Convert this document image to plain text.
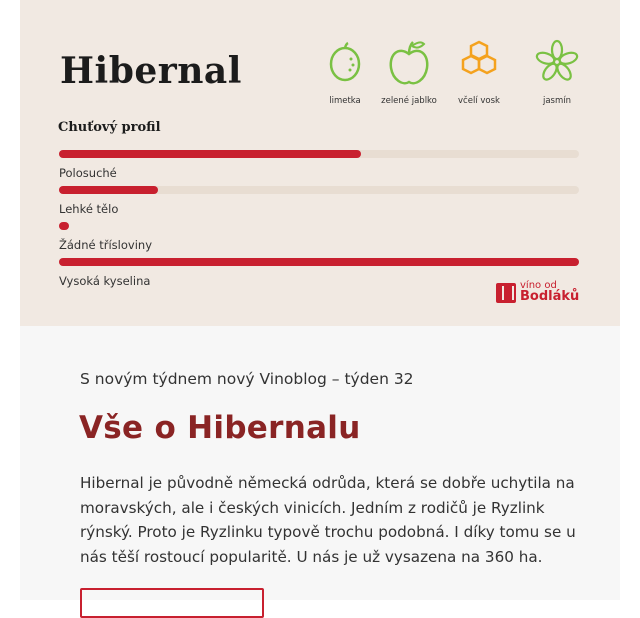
Hibernal
limetka	zelené jablko	včelí vosk	jasmín
Chuťový profil
Polosuché
Lehké tělo
Žádné třísloviny
Vysoká kyselina	víno od
Bodláků
S novým týdnem nový Vinoblog – týden 32
Vše o Hibernalu

Hibernal je původně německá odrůda, která se dobře uchytila na moravských, ale i českých vinicích. Jedním z rodičů je Ryzlink rýnský. Proto je Ryzlinku typově trochu podobná. I díky tomu se u nás těší rostoucí popularitě. U nás je už vysazena na 360 ha.
